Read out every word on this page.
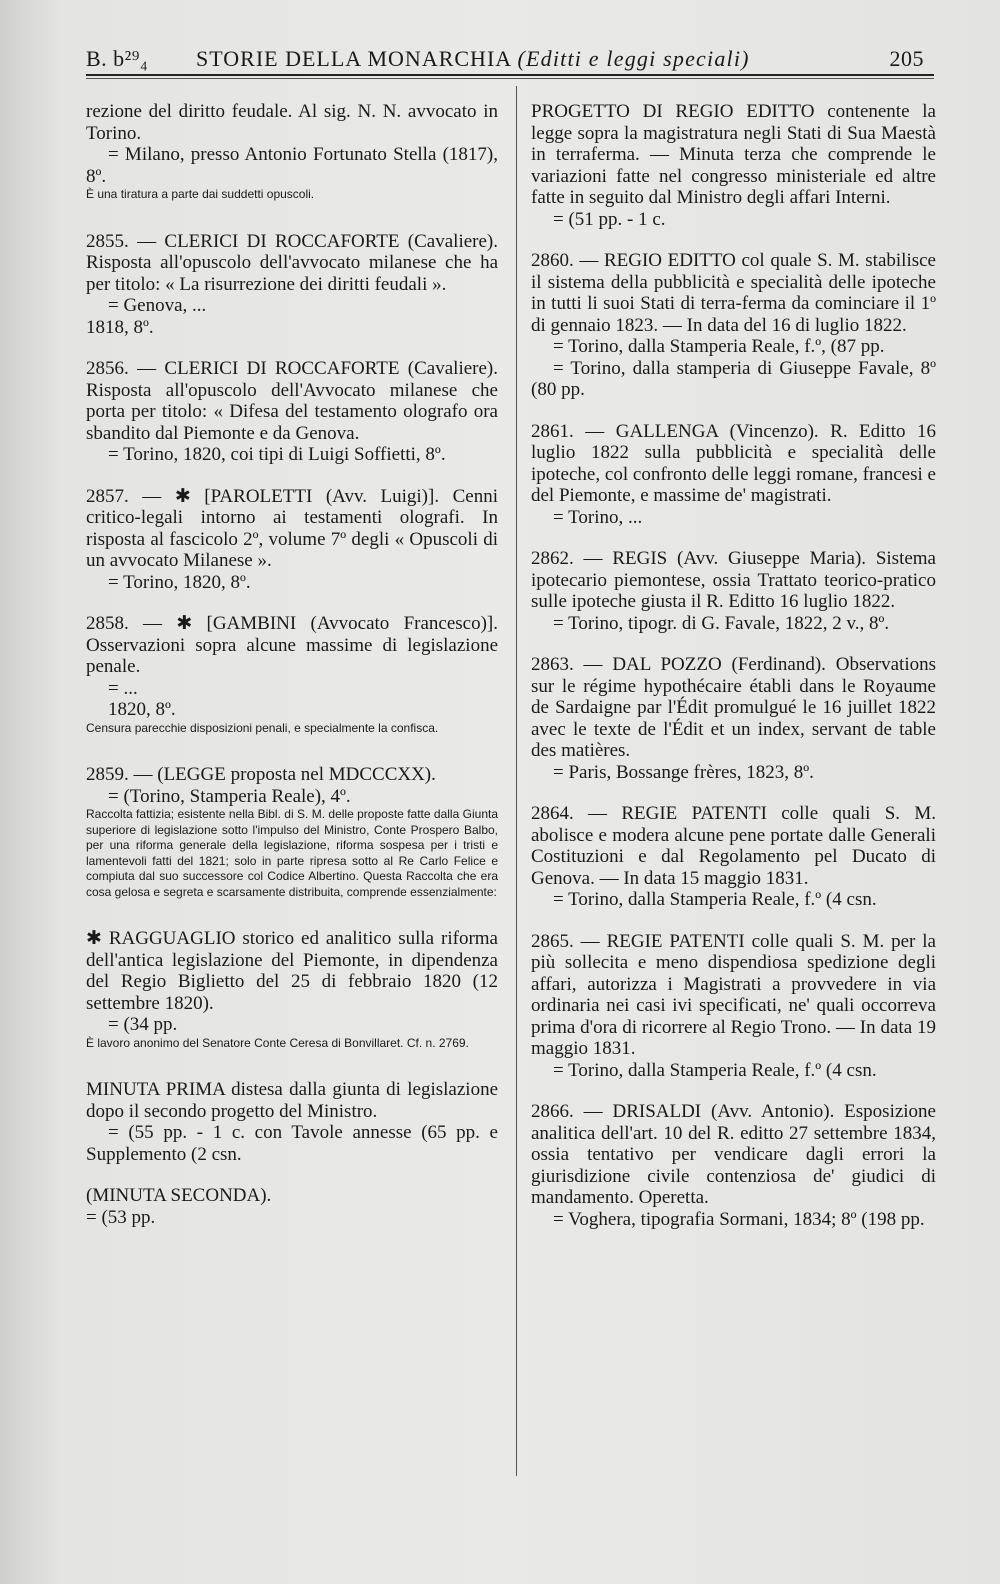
B. b²⁹₄ STORIE DELLA MONARCHIA (Editti e leggi speciali)	205

rezione del diritto feudale. Al sig. N. N. avvocato in Torino.

= Milano, presso Antonio Fortunato Stella (1817), 8º.

È una tiratura a parte dai suddetti opuscoli.

2855. — CLERICI DI ROCCAFORTE (Cavaliere). Risposta all'opuscolo dell'avvocato milanese che ha per titolo: « La risurrezione dei diritti feudali ».

= Genova, ...

1818, 8º.

2856. — CLERICI DI ROCCAFORTE (Cavaliere). Risposta all'opuscolo dell'Avvocato milanese che porta per titolo: « Difesa del testamento olografo ora sbandito dal Piemonte e da Genova.

= Torino, 1820, coi tipi di Luigi Soffietti, 8º.

2857. — ✱ [PAROLETTI (Avv. Luigi)]. Cenni critico-legali intorno ai testamenti olografi. In risposta al fascicolo 2º, volume 7º degli « Opuscoli di un avvocato Milanese ».

= Torino, 1820, 8º.

2858. — ✱ [GAMBINI (Avvocato Francesco)]. Osservazioni sopra alcune massime di legislazione penale.

= ...

1820, 8º.

Censura parecchie disposizioni penali, e specialmente la confisca.

2859. — (LEGGE proposta nel MDCCCXX).

= (Torino, Stamperia Reale), 4º.

Raccolta fattizia; esistente nella Bibl. di S. M. delle proposte fatte dalla Giunta superiore di legislazione sotto l'impulso del Ministro, Conte Prospero Balbo, per una riforma generale della legislazione, riforma sospesa per i tristi e lamentevoli fatti del 1821; solo in parte ripresa sotto al Re Carlo Felice e compiuta dal suo successore col Codice Albertino. Questa Raccolta che era cosa gelosa e segreta e scarsamente distribuita, comprende essenzialmente:

✱ RAGGUAGLIO storico ed analitico sulla riforma dell'antica legislazione del Piemonte, in dipendenza del Regio Biglietto del 25 di febbraio 1820 (12 settembre 1820).

= (34 pp.

È lavoro anonimo del Senatore Conte Ceresa di Bonvillaret. Cf. n. 2769.

MINUTA PRIMA distesa dalla giunta di legislazione dopo il secondo progetto del Ministro.

= (55 pp. - 1 c. con Tavole annesse (65 pp. e Supplemento (2 csn.

(MINUTA SECONDA).

= (53 pp.

PROGETTO DI REGIO EDITTO contenente la legge sopra la magistratura negli Stati di Sua Maestà in terraferma. — Minuta terza che comprende le variazioni fatte nel congresso ministeriale ed altre fatte in seguito dal Ministro degli affari Interni.

= (51 pp. - 1 c.

2860. — REGIO EDITTO col quale S. M. stabilisce il sistema della pubblicità e specialità delle ipoteche in tutti li suoi Stati di terra-ferma da cominciare il 1º di gennaio 1823. — In data del 16 di luglio 1822.

= Torino, dalla Stamperia Reale, f.º, (87 pp.

= Torino, dalla stamperia di Giuseppe Favale, 8º (80 pp.

2861. — GALLENGA (Vincenzo). R. Editto 16 luglio 1822 sulla pubblicità e specialità delle ipoteche, col confronto delle leggi romane, francesi e del Piemonte, e massime de' magistrati.

= Torino, ...

2862. — REGIS (Avv. Giuseppe Maria). Sistema ipotecario piemontese, ossia Trattato teorico-pratico sulle ipoteche giusta il R. Editto 16 luglio 1822.

= Torino, tipogr. di G. Favale, 1822, 2 v., 8º.

2863. — DAL POZZO (Ferdinand). Observations sur le régime hypothécaire établi dans le Royaume de Sardaigne par l'Édit promulgué le 16 juillet 1822 avec le texte de l'Édit et un index, servant de table des matières.

= Paris, Bossange frères, 1823, 8º.

2864. — REGIE PATENTI colle quali S. M. abolisce e modera alcune pene portate dalle Generali Costituzioni e dal Regolamento pel Ducato di Genova. — In data 15 maggio 1831.

= Torino, dalla Stamperia Reale, f.º (4 csn.

2865. — REGIE PATENTI colle quali S. M. per la più sollecita e meno dispendiosa spedizione degli affari, autorizza i Magistrati a provvedere in via ordinaria nei casi ivi specificati, ne' quali occorreva prima d'ora di ricorrere al Regio Trono. — In data 19 maggio 1831.

= Torino, dalla Stamperia Reale, f.º (4 csn.

2866. — DRISALDI (Avv. Antonio). Esposizione analitica dell'art. 10 del R. editto 27 settembre 1834, ossia tentativo per vendicare dagli errori la giurisdizione civile contenziosa de' giudici di mandamento. Operetta.

= Voghera, tipografia Sormani, 1834; 8º (198 pp.
